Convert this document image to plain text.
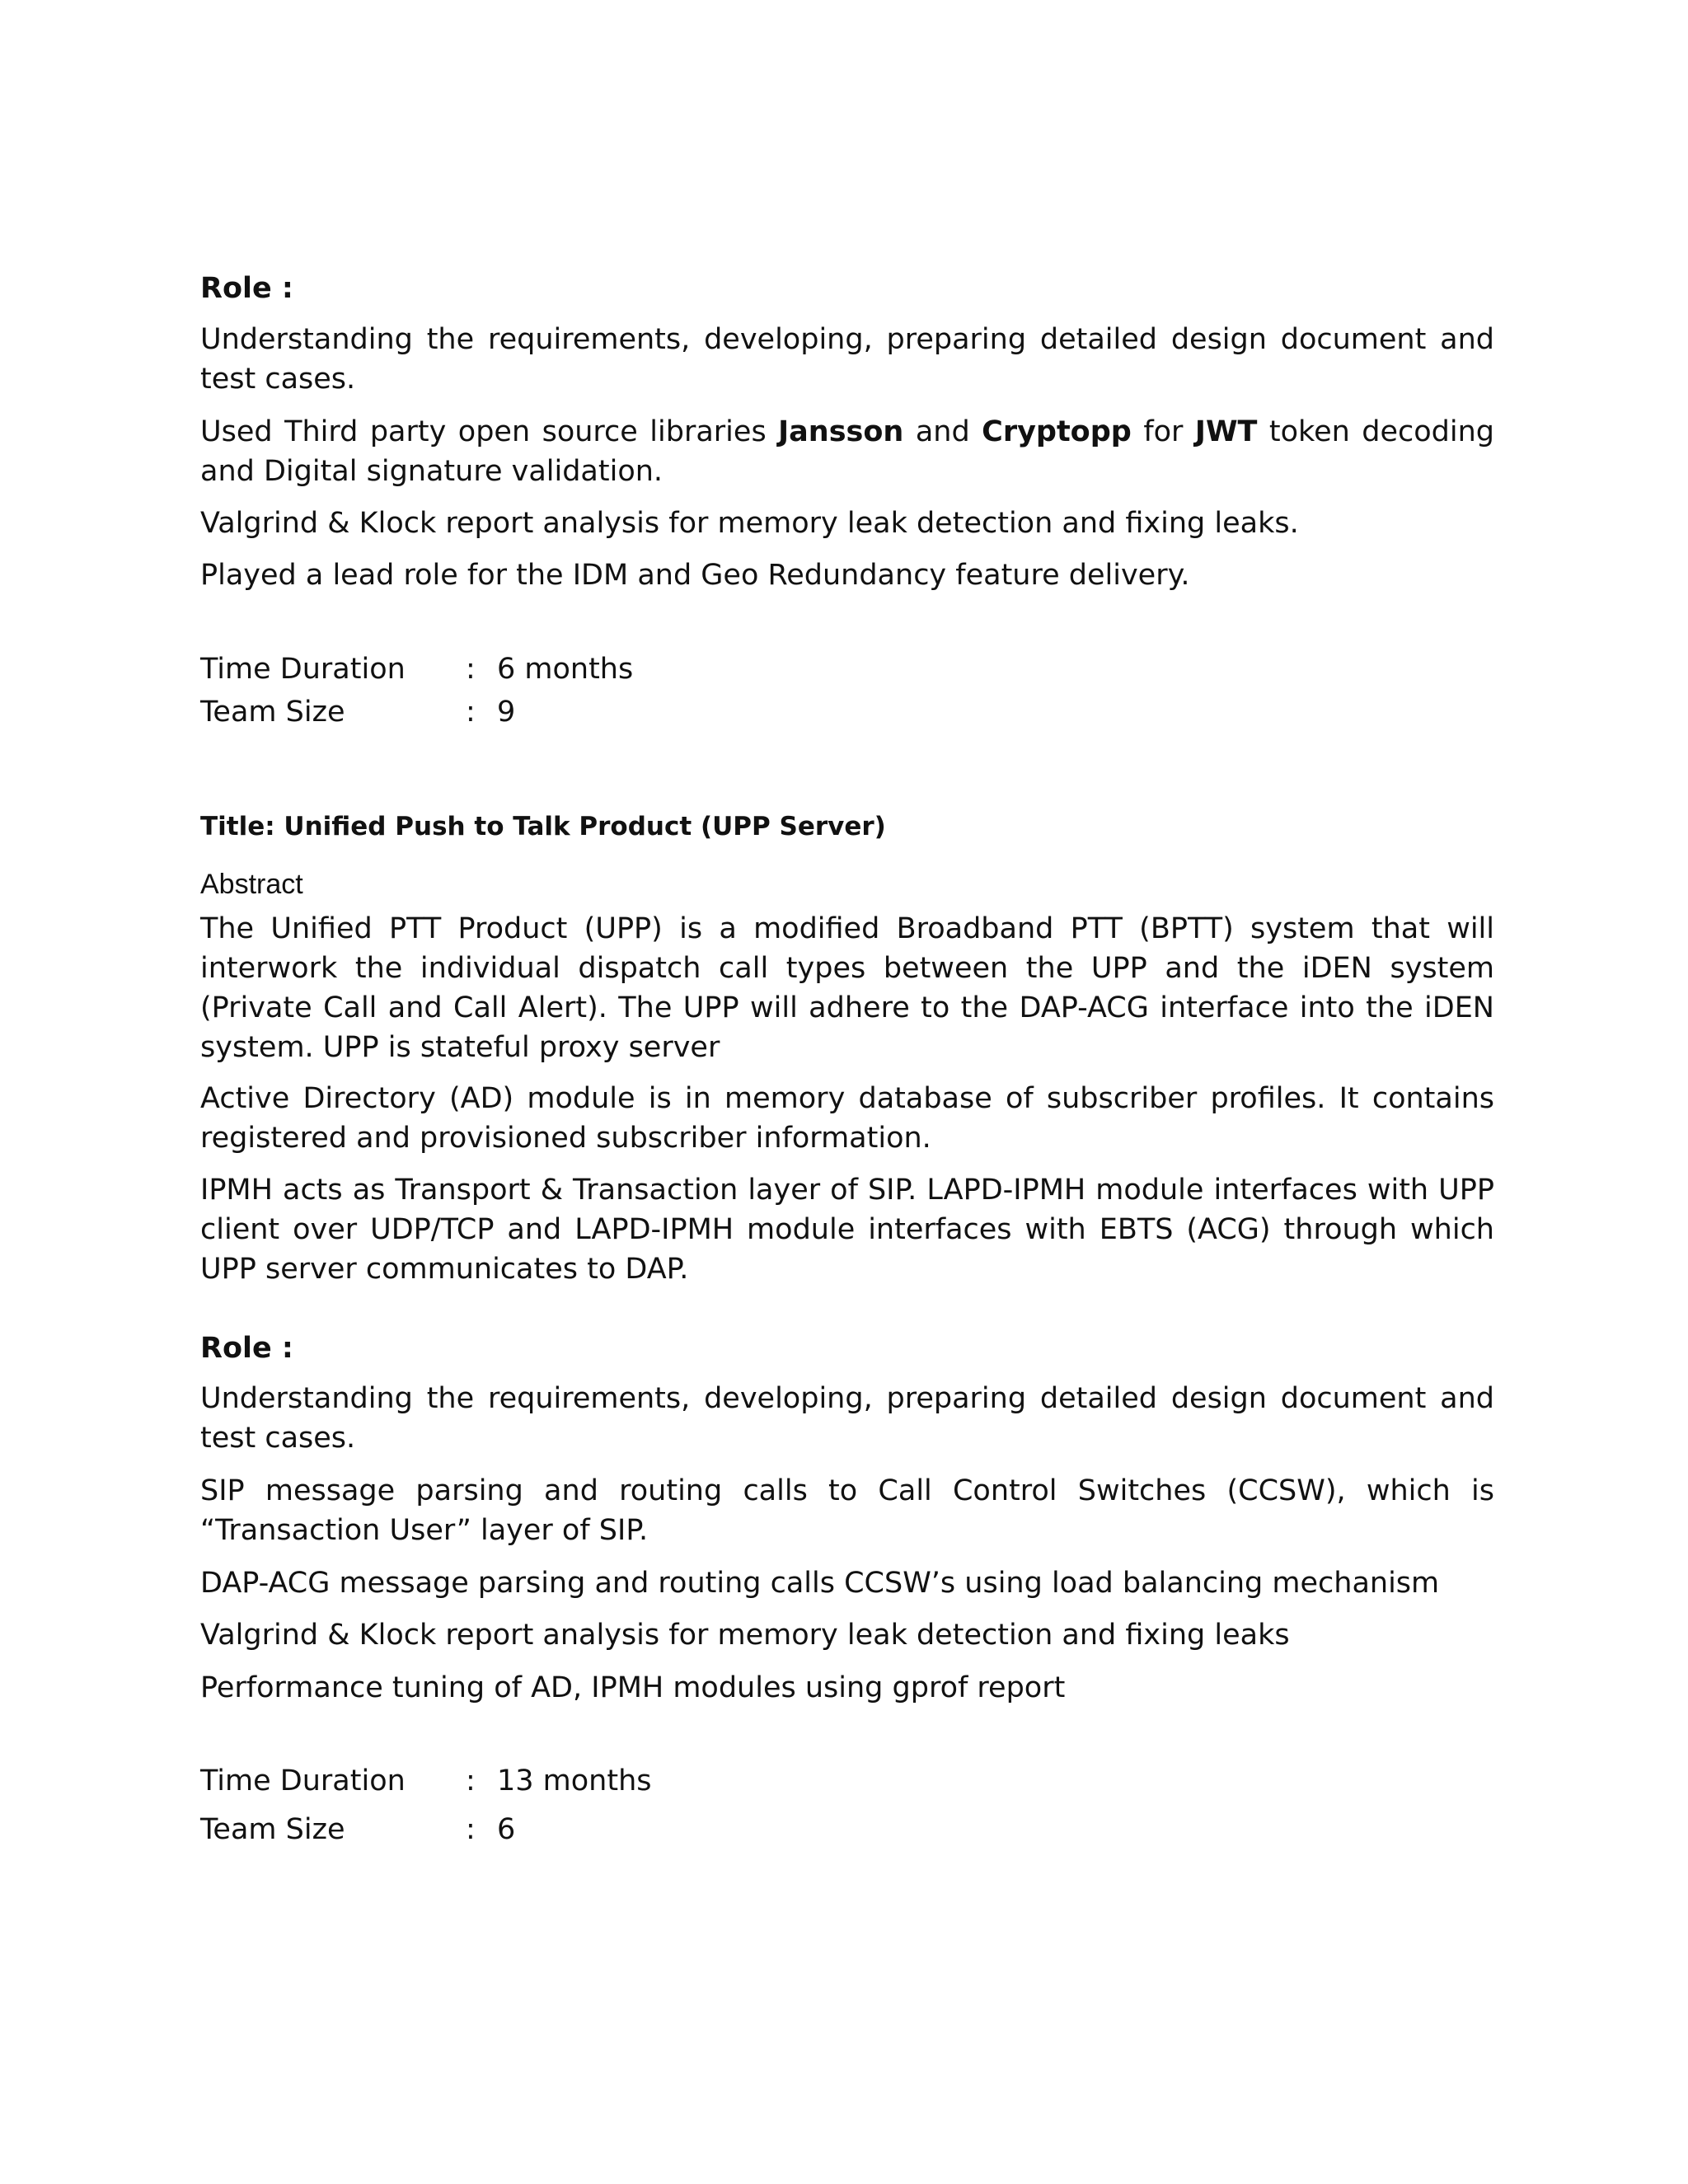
Role :

Understanding the requirements, developing, preparing detailed design document and test cases.

Used Third party open source libraries Jansson and Cryptopp for JWT token decoding and Digital signature validation.

Valgrind & Klock report analysis for memory leak detection and fixing leaks.

Played a lead role for the IDM and Geo Redundancy feature delivery.

Time Duration	: 6 months
Team Size	: 9

Title: Unified Push to Talk Product (UPP Server)

Abstract

The Unified PTT Product (UPP) is a modified Broadband PTT (BPTT) system that will interwork the individual dispatch call types between the UPP and the iDEN system (Private Call and Call Alert). The UPP will adhere to the DAP-ACG interface into the iDEN system. UPP is stateful proxy server

Active Directory (AD) module is in memory database of subscriber profiles. It contains registered and provisioned subscriber information.

IPMH acts as Transport & Transaction layer of SIP. LAPD-IPMH module interfaces with UPP client over UDP/TCP and LAPD-IPMH module interfaces with EBTS (ACG) through which UPP server communicates to DAP.

Role :

Understanding the requirements, developing, preparing detailed design document and test cases.

SIP message parsing and routing calls to Call Control Switches (CCSW), which is “Transaction User” layer of SIP.

DAP-ACG message parsing and routing calls CCSW’s using load balancing mechanism

Valgrind & Klock report analysis for memory leak detection and fixing leaks

Performance tuning of AD, IPMH modules using gprof report

Time Duration	: 13 months
Team Size	: 6
